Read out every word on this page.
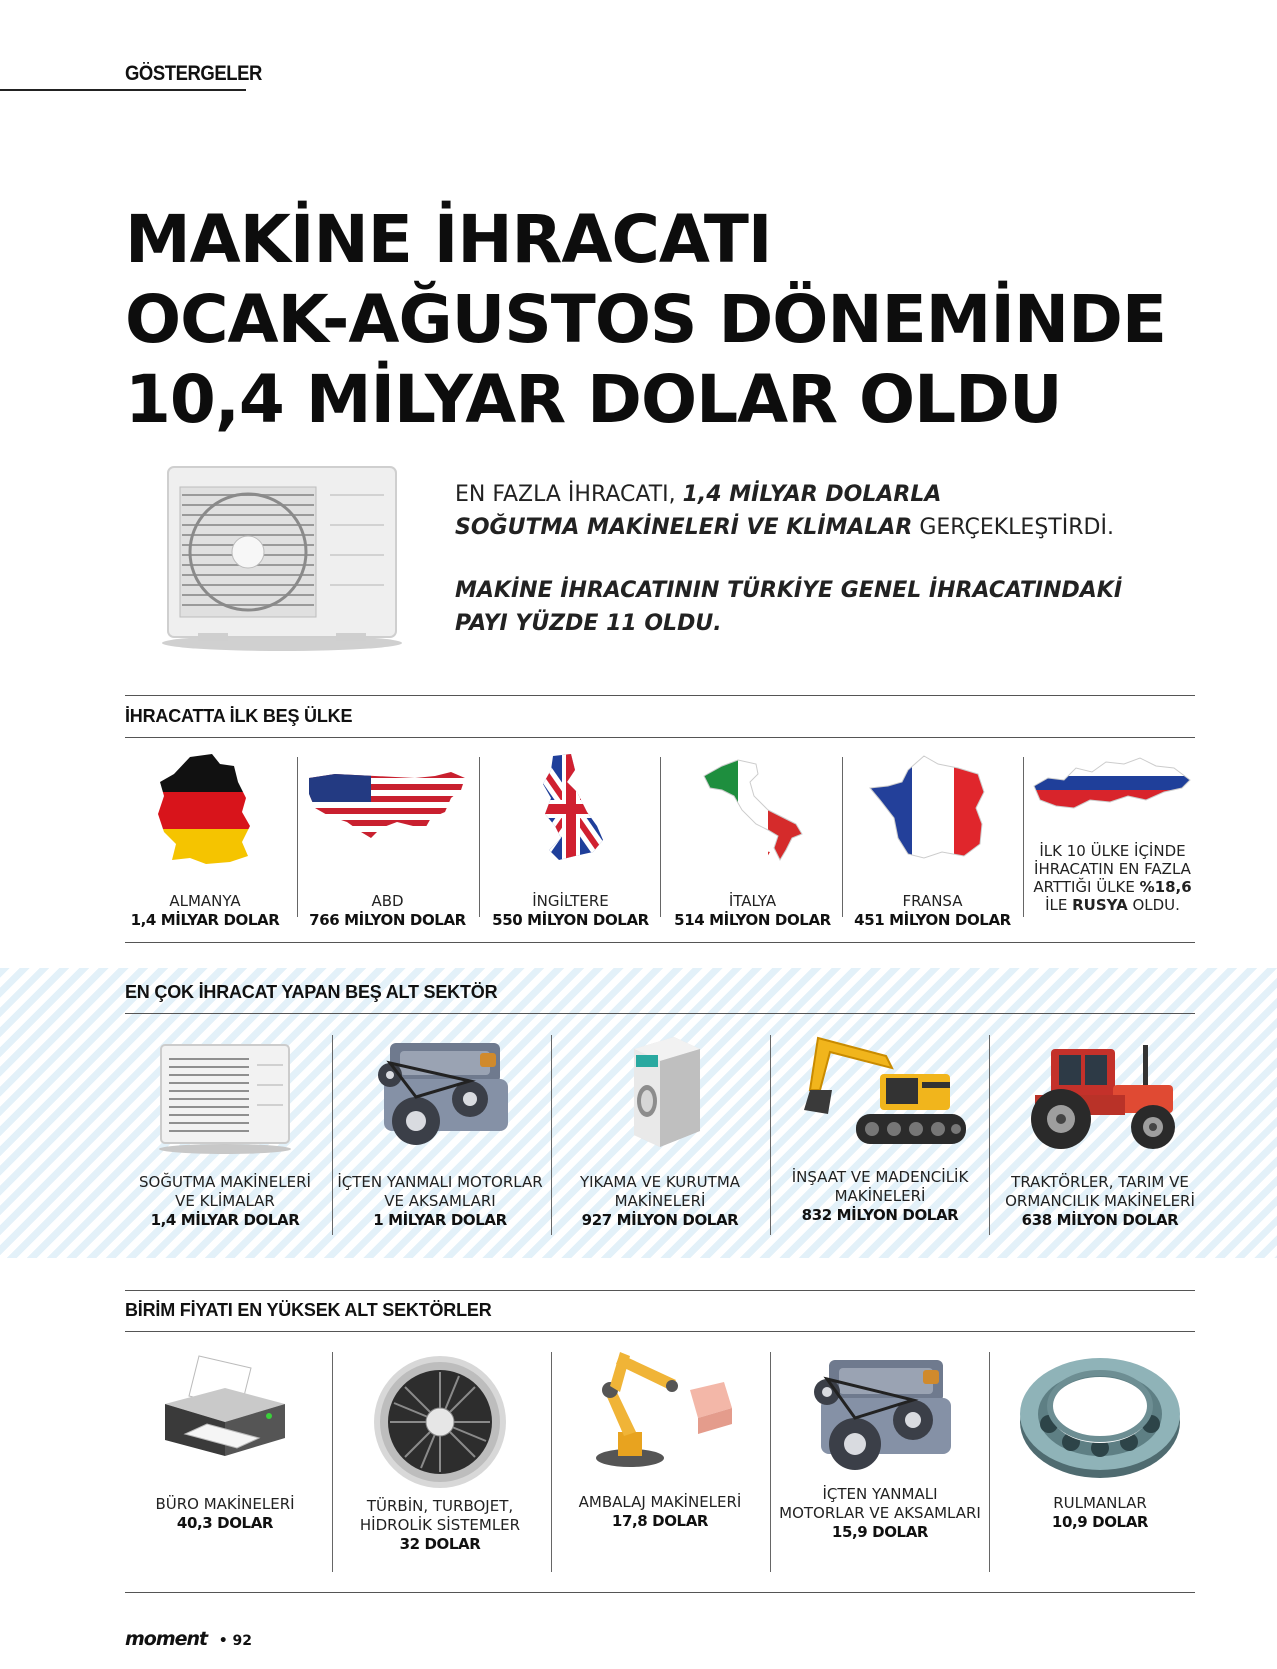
GÖSTERGELER
MAKİNE İHRACATI
OCAK-AĞUSTOS DÖNEMİNDE
10,4 MİLYAR DOLAR OLDU

EN FAZLA İHRACATI, 1,4 MİLYAR DOLARLA
SOĞUTMA MAKİNELERİ VE KLİMALAR GERÇEKLEŞTİRDİ.

MAKİNE İHRACATININ TÜRKİYE GENEL İHRACATINDAKİ PAYI YÜZDE 11 OLDU.

İHRACATTA İLK BEŞ ÜLKE
ALMANYA
1,4 MİLYAR DOLAR
ABD
766 MİLYON DOLAR
İNGİLTERE
550 MİLYON DOLAR
İTALYA
514 MİLYON DOLAR
FRANSA
451 MİLYON DOLAR
İLK 10 ÜLKE İÇİNDE
İHRACATIN EN FAZLA
ARTTIĞI ÜLKE %18,6
İLE RUSYA OLDU.
EN ÇOK İHRACAT YAPAN BEŞ ALT SEKTÖR
SOĞUTMA MAKİNELERİ
VE KLİMALAR
1,4 MİLYAR DOLAR
İÇTEN YANMALI MOTORLAR
VE AKSAMLARI
1 MİLYAR DOLAR
YIKAMA VE KURUTMA
MAKİNELERİ
927 MİLYON DOLAR
İNŞAAT VE MADENCİLİK
MAKİNELERİ
832 MİLYON DOLAR
TRAKTÖRLER, TARIM VE
ORMANCILIK MAKİNELERİ
638 MİLYON DOLAR
BİRİM FİYATI EN YÜKSEK ALT SEKTÖRLER
BÜRO MAKİNELERİ
40,3 DOLAR
TÜRBİN, TURBOJET,
HİDROLİK SİSTEMLER
32 DOLAR
AMBALAJ MAKİNELERİ
17,8 DOLAR
İÇTEN YANMALI
MOTORLAR VE AKSAMLARI
15,9 DOLAR
RULMANLAR
10,9 DOLAR
moment • 92
